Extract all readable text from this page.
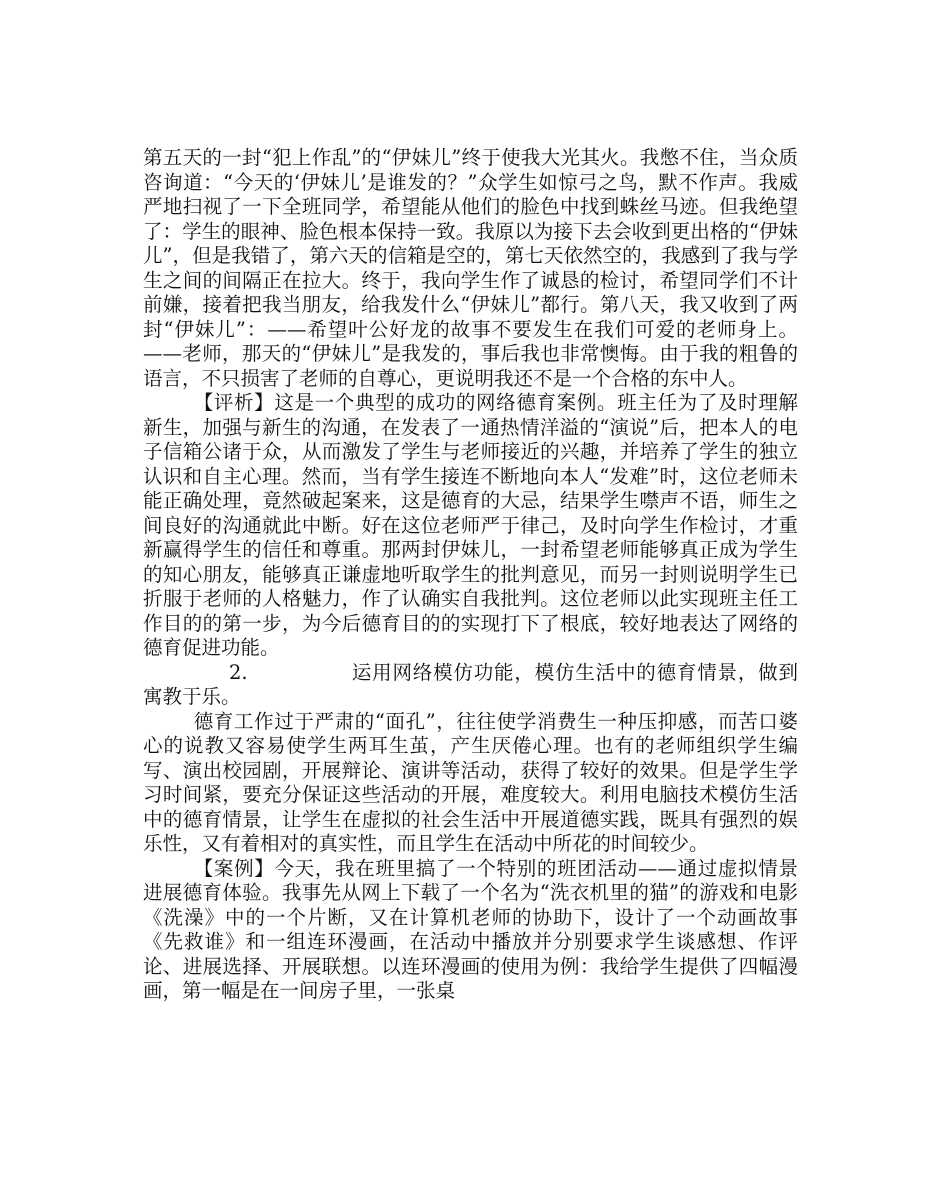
第五天的一封“犯上作乱”的“伊妹儿”终于使我大光其火。我憋不住，当众质咨询道：“今天的‘伊妹儿’是谁发的？”众学生如惊弓之鸟，默不作声。我威严地扫视了一下全班同学，希望能从他们的脸色中找到蛛丝马迹。但我绝望了：学生的眼神、脸色根本保持一致。我原以为接下去会收到更出格的“伊妹儿”，但是我错了，第六天的信箱是空的，第七天依然空的，我感到了我与学生之间的间隔正在拉大。终于，我向学生作了诚恳的检讨，希望同学们不计前嫌，接着把我当朋友，给我发什么“伊妹儿”都行。第八天，我又收到了两封“伊妹儿”：——希望叶公好龙的故事不要发生在我们可爱的老师身上。——老师，那天的“伊妹儿”是我发的，事后我也非常懊悔。由于我的粗鲁的语言，不只损害了老师的自尊心，更说明我还不是一个合格的东中人。

【评析】这是一个典型的成功的网络德育案例。班主任为了及时理解新生，加强与新生的沟通，在发表了一通热情洋溢的“演说”后，把本人的电子信箱公诸于众，从而激发了学生与老师接近的兴趣，并培养了学生的独立认识和自主心理。然而，当有学生接连不断地向本人“发难”时，这位老师未能正确处理，竟然破起案来，这是德育的大忌，结果学生噤声不语，师生之间良好的沟通就此中断。好在这位老师严于律己，及时向学生作检讨，才重新赢得学生的信任和尊重。那两封伊妹儿，一封希望老师能够真正成为学生的知心朋友，能够真正谦虚地听取学生的批判意见，而另一封则说明学生已折服于老师的人格魅力，作了认确实自我批判。这位老师以此实现班主任工作目的的第一步，为今后德育目的的实现打下了根底，较好地表达了网络的德育促进功能。

2.	运用网络模仿功能，模仿生活中的德育情景，做到寓教于乐。

德育工作过于严肃的“面孔”，往往使学消费生一种压抑感，而苦口婆心的说教又容易使学生两耳生茧，产生厌倦心理。也有的老师组织学生编写、演出校园剧，开展辩论、演讲等活动，获得了较好的效果。但是学生学习时间紧，要充分保证这些活动的开展，难度较大。利用电脑技术模仿生活中的德育情景，让学生在虚拟的社会生活中开展道德实践，既具有强烈的娱乐性，又有着相对的真实性，而且学生在活动中所花的时间较少。

【案例】今天，我在班里搞了一个特别的班团活动——通过虚拟情景进展德育体验。我事先从网上下载了一个名为“洗衣机里的猫”的游戏和电影《洗澡》中的一个片断，又在计算机老师的协助下，设计了一个动画故事《先救谁》和一组连环漫画，在活动中播放并分别要求学生谈感想、作评论、进展选择、开展联想。以连环漫画的使用为例：我给学生提供了四幅漫画，第一幅是在一间房子里，一张桌
